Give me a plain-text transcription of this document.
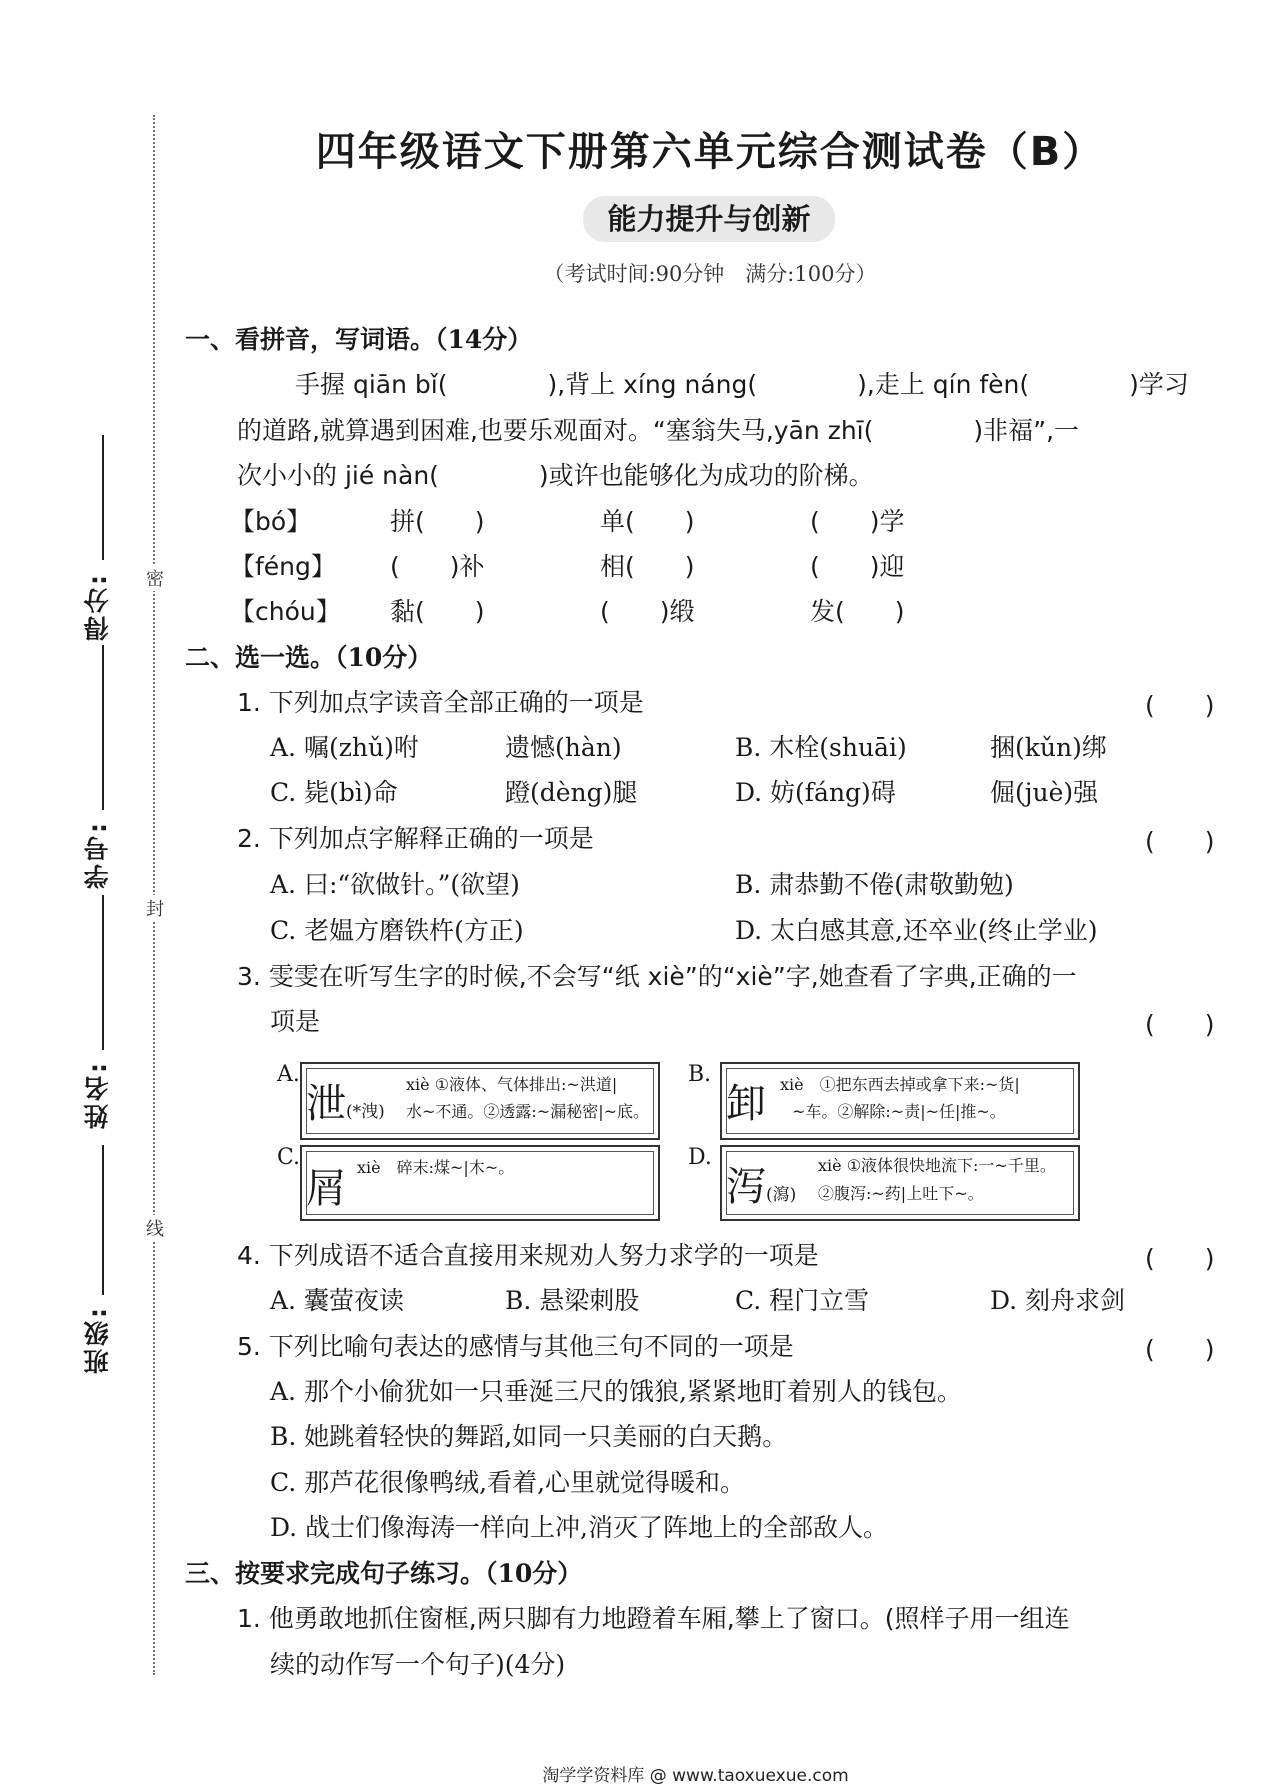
密
封
线
得分:
学号:
姓名:
班级:
四年级语文下册第六单元综合测试卷（B）
能力提升与创新
（考试时间:90分钟　满分:100分）
一、看拼音，写词语。（14分）
手握 qiān bǐ(　　　　),背上 xíng náng(　　　　),走上 qín fèn(　　　　)学习
的道路,就算遇到困难,也要乐观面对。“塞翁失马,yān zhī(　　　　)非福”,一
次小小的 jié nàn(　　　　)或许也能够化为成功的阶梯。
【bó】	拼(　　)	单(　　)	(　　)学
【féng】 (　　)补	相(　　)	(　　)迎
【chóu】 黏(　　)	(　　)缎	发(　　)
二、选一选。（10分）
1. 下列加点字读音全部正确的一项是	(　　)
A. 嘱(zhǔ)咐	遗憾(hàn)	B. 木栓(shuāi)	捆(kǔn)绑
C. 毙(bì)命	蹬(dèng)腿	D. 妨(fáng)碍	倔(juè)强
2. 下列加点字解释正确的一项是	(　　)
A. 曰:“欲做针。”(欲望)	B. 肃恭勤不倦(肃敬勤勉)
C. 老媪方磨铁杵(方正)	D. 太白感其意,还卒业(终止学业)
3. 雯雯在听写生字的时候,不会写“纸 xiè”的“xiè”字,她查看了字典,正确的一
项是	(　　)
A.
泄(*洩)
xiè ①液体、气体排出:~洪道|
水~不通。②透露:~漏秘密|~底。
B.
卸 xiè　①把东西去掉或拿下来:~货|
~车。②解除:~责|~任|推~。
C.
屑 xiè　碎末:煤~|木~。	D.
泻(瀉)
xiè ①液体很快地流下:一~千里。
②腹泻:~药|上吐下~。
4. 下列成语不适合直接用来规劝人努力求学的一项是	(　　)
A. 囊萤夜读	B. 悬梁刺股	C. 程门立雪	D. 刻舟求剑
5. 下列比喻句表达的感情与其他三句不同的一项是	(　　)
A. 那个小偷犹如一只垂涎三尺的饿狼,紧紧地盯着别人的钱包。
B. 她跳着轻快的舞蹈,如同一只美丽的白天鹅。
C. 那芦花很像鸭绒,看着,心里就觉得暖和。
D. 战士们像海涛一样向上冲,消灭了阵地上的全部敌人。
三、按要求完成句子练习。（10分）
1. 他勇敢地抓住窗框,两只脚有力地蹬着车厢,攀上了窗口。(照样子用一组连
续的动作写一个句子)(4分)
淘学学资料库 @ www.taoxuexue.com
